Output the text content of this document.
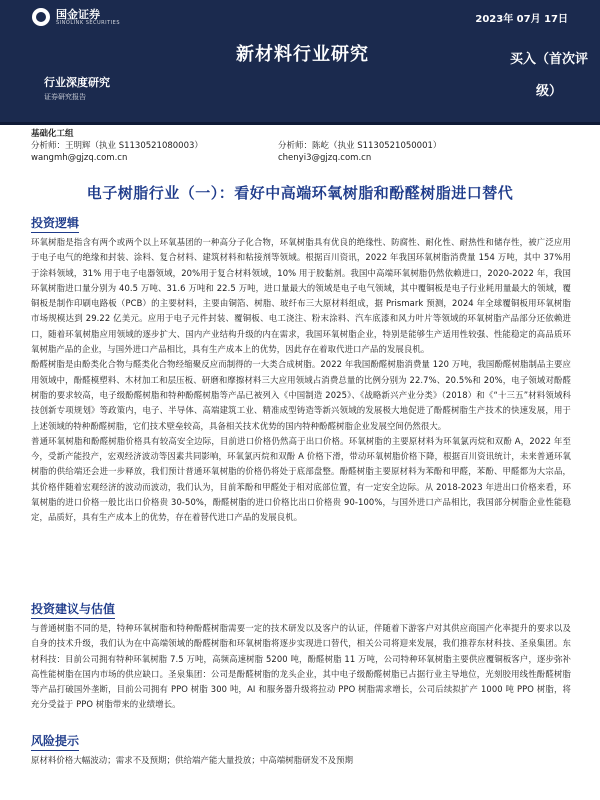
国金证券
SINOLINK SECURITIES	2023年 07月 17日
新材料行业研究	买入（首次评级）
行业深度研究
证券研究报告
基础化工组
分析师：王明辉（执业 S1130521080003）
wangmh@gjzq.com.cn
分析师：陈屹（执业 S1130521050001）
chenyi3@gjzq.com.cn
电子树脂行业（一）：看好中高端环氧树脂和酚醛树脂进口替代
投资逻辑
环氧树脂是指含有两个或两个以上环氧基团的一种高分子化合物，环氧树脂具有优良的绝缘性、防腐性、耐化性、耐热性和储存性，被广泛应用于电子电气的绝缘和封装、涂料、复合材料、建筑材料和粘接剂等领域。根据百川资讯，2022 年我国环氧树脂消费量 154 万吨，其中 37%用于涂料领域，31% 用于电子电器领域，20%用于复合材料领域，10% 用于胶黏剂。我国中高端环氧树脂仍然依赖进口，2020-2022 年，我国环氧树脂进口量分别为 40.5 万吨、31.6 万吨和 22.5 万吨，进口量最大的领域是电子电气领域，其中覆铜板是电子行业耗用量最大的领域，覆铜板是制作印刷电路板（PCB）的主要材料，主要由铜箔、树脂、玻纤布三大原材料组成，据 Prismark 预测，2024 年全球覆铜板用环氧树脂市场规模达到 29.22 亿美元。应用于电子元件封装、覆铜板、电工浇注、粉末涂料、汽车底漆和风力叶片等领域的环氧树脂产品部分还依赖进口，随着环氧树脂应用领域的逐步扩大、国内产业结构升级的内在需求，我国环氧树脂企业，特别是能够生产适用性较强、性能稳定的高品质环氧树脂产品的企业，与国外进口产品相比，具有生产成本上的优势，因此存在着取代进口产品的发展良机。
酚醛树脂是由酚类化合物与醛类化合物经缩聚反应而制得的一大类合成树脂。2022 年我国酚醛树脂消费量 120 万吨，我国酚醛树脂制品主要应用领域中，酚醛模塑料、木材加工和层压板、研磨和摩擦材料三大应用领域占消费总量的比例分别为 22.7%、20.5%和 20%，电子领域对酚醛树脂的要求较高，电子级酚醛树脂和特种酚醛树脂等产品已被列入《中国制造 2025》、《战略新兴产业分类》（2018）和《“十三五”材料领域科技创新专项规划》等政策内，电子、半导体、高端建筑工业、精准成型铸造等新兴领域的发展极大地促进了酚醛树脂生产技术的快速发展，用于上述领域的特种酚醛树脂，它们技术壁垒较高，具备相关技术优势的国内特种酚醛树脂企业发展空间仍然很大。
普通环氧树脂和酚醛树脂价格具有较高安全边际，目前进口价格仍然高于出口价格。环氧树脂的主要原材料为环氧氯丙烷和双酚 A，2022 年至今，受新产能投产，宏观经济波动等因素共同影响，环氧氯丙烷和双酚 A 价格下滑，带动环氧树脂价格下降，根据百川资讯统计，未来普通环氧树脂的供给端还会进一步释放，我们预计普通环氧树脂的价格仍将处于底部盘整。酚醛树脂主要原材料为苯酚和甲醛，苯酚、甲醛都为大宗品，其价格伴随着宏观经济的波动而波动，我们认为，目前苯酚和甲醛处于相对底部位置，有一定安全边际。从 2018-2023 年进出口价格来看，环氧树脂的进口价格一般比出口价格贵 30-50%，酚醛树脂的进口价格比出口价格贵 90-100%，与国外进口产品相比，我国部分树脂企业性能稳定，品质好，具有生产成本上的优势，存在着替代进口产品的发展良机。
投资建议与估值
与普通树脂不同的是，特种环氧树脂和特种酚醛树脂需要一定的技术研发以及客户的认证，伴随着下游客户对其供应商国产化率提升的要求以及自身的技术升级，我们认为在中高端领域的酚醛树脂和环氧树脂将逐步实现进口替代，相关公司将迎来发展，我们推荐东材科技、圣泉集团。东材科技：目前公司拥有特种环氧树脂 7.5 万吨，高频高速树脂 5200 吨，酚醛树脂 11 万吨，公司特种环氧树脂主要供应覆铜板客户，逐步弥补高性能树脂在国内市场的供应缺口。圣泉集团：公司是酚醛树脂的龙头企业，其中电子级酚醛树脂已占据行业主导地位，光刻胶用线性酚醛树脂等产品打破国外垄断，目前公司拥有 PPO 树脂 300 吨，AI 和服务器升级将拉动 PPO 树脂需求增长，公司后续拟扩产 1000 吨 PPO 树脂，将充分受益于 PPO 树脂带来的业绩增长。
风险提示
原材料价格大幅波动；需求不及预期；供给端产能大量投放；中高端树脂研发不及预期
